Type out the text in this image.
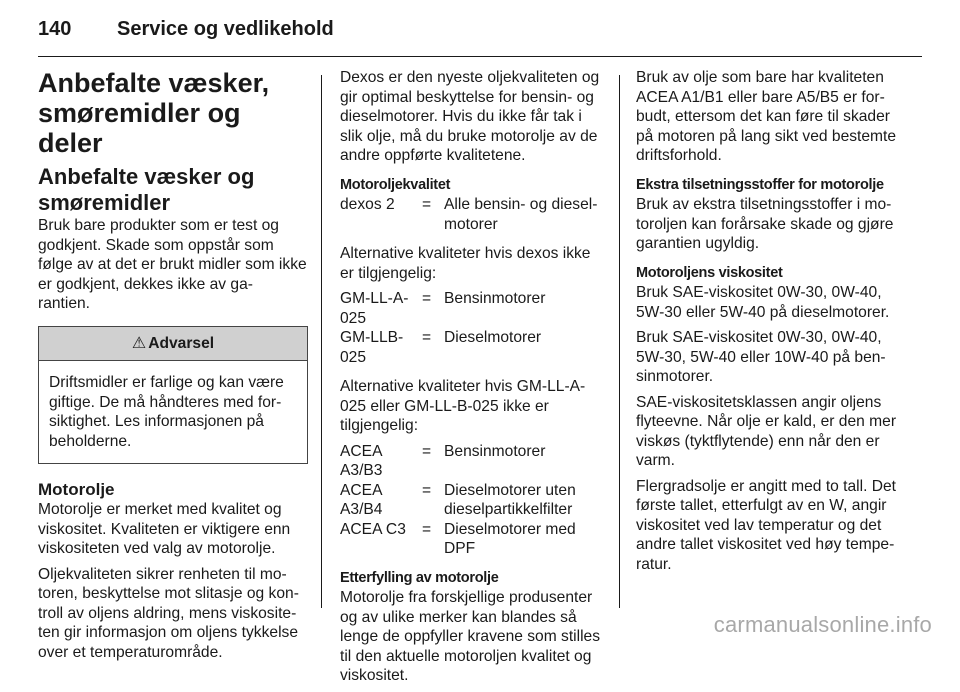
140 Service og vedlikehold
Anbefalte væsker, smøremidler og deler
Anbefalte væsker og smøremidler

Bruk bare produkter som er test og godkjent. Skade som oppstår som følge av at det er brukt midler som ikke er godkjent, dekkes ikke av ga- rantien.

⚠ Advarsel
Driftsmidler er farlige og kan være giftige. De må håndteres med for- siktighet. Les informasjonen på beholderne.
Motorolje

Motorolje er merket med kvalitet og viskositet. Kvaliteten er viktigere enn viskositeten ved valg av motorolje.

Oljekvaliteten sikrer renheten til mo- toren, beskyttelse mot slitasje og kon- troll av oljens aldring, mens viskosite- ten gir informasjon om oljens tykkelse over et temperaturområde.

Dexos er den nyeste oljekvaliteten og gir optimal beskyttelse for bensin- og dieselmotorer. Hvis du ikke får tak i slik olje, må du bruke motorolje av de andre oppførte kvalitetene.

Motoroljekvalitet
dexos 2	= Alle bensin- og diesel- motorer

Alternative kvaliteter hvis dexos ikke er tilgjengelig:

GM-LL-A-025
= Bensinmotorer
GM-LLB-025
= Dieselmotorer

Alternative kvaliteter hvis GM-LL-A-025 eller GM-LL-B-025 ikke er tilgjengelig:

ACEA A3/B3
= Bensinmotorer
ACEA A3/B4
= Dieselmotorer uten dieselpartikkelfilter
ACEA C3	= Dieselmotorer med DPF
Etterfylling av motorolje

Motorolje fra forskjellige produsenter og av ulike merker kan blandes så lenge de oppfyller kravene som stilles til den aktuelle motoroljen kvalitet og viskositet.

Bruk av olje som bare har kvaliteten ACEA A1/B1 eller bare A5/B5 er for- budt, ettersom det kan føre til skader på motoren på lang sikt ved bestemte driftsforhold.

Ekstra tilsetningsstoffer for motorolje

Bruk av ekstra tilsetningsstoffer i mo- toroljen kan forårsake skade og gjøre garantien ugyldig.

Motoroljens viskositet

Bruk SAE-viskositet 0W-30, 0W-40, 5W-30 eller 5W-40 på dieselmotorer.

Bruk SAE-viskositet 0W-30, 0W-40, 5W-30, 5W-40 eller 10W-40 på ben- sinmotorer.

SAE-viskositetsklassen angir oljens flyteevne. Når olje er kald, er den mer viskøs (tyktflytende) enn når den er varm.

Flergradsolje er angitt med to tall. Det første tallet, etterfulgt av en W, angir viskositet ved lav temperatur og det andre tallet viskositet ved høy tempe- ratur.

carmanualsonline.info
